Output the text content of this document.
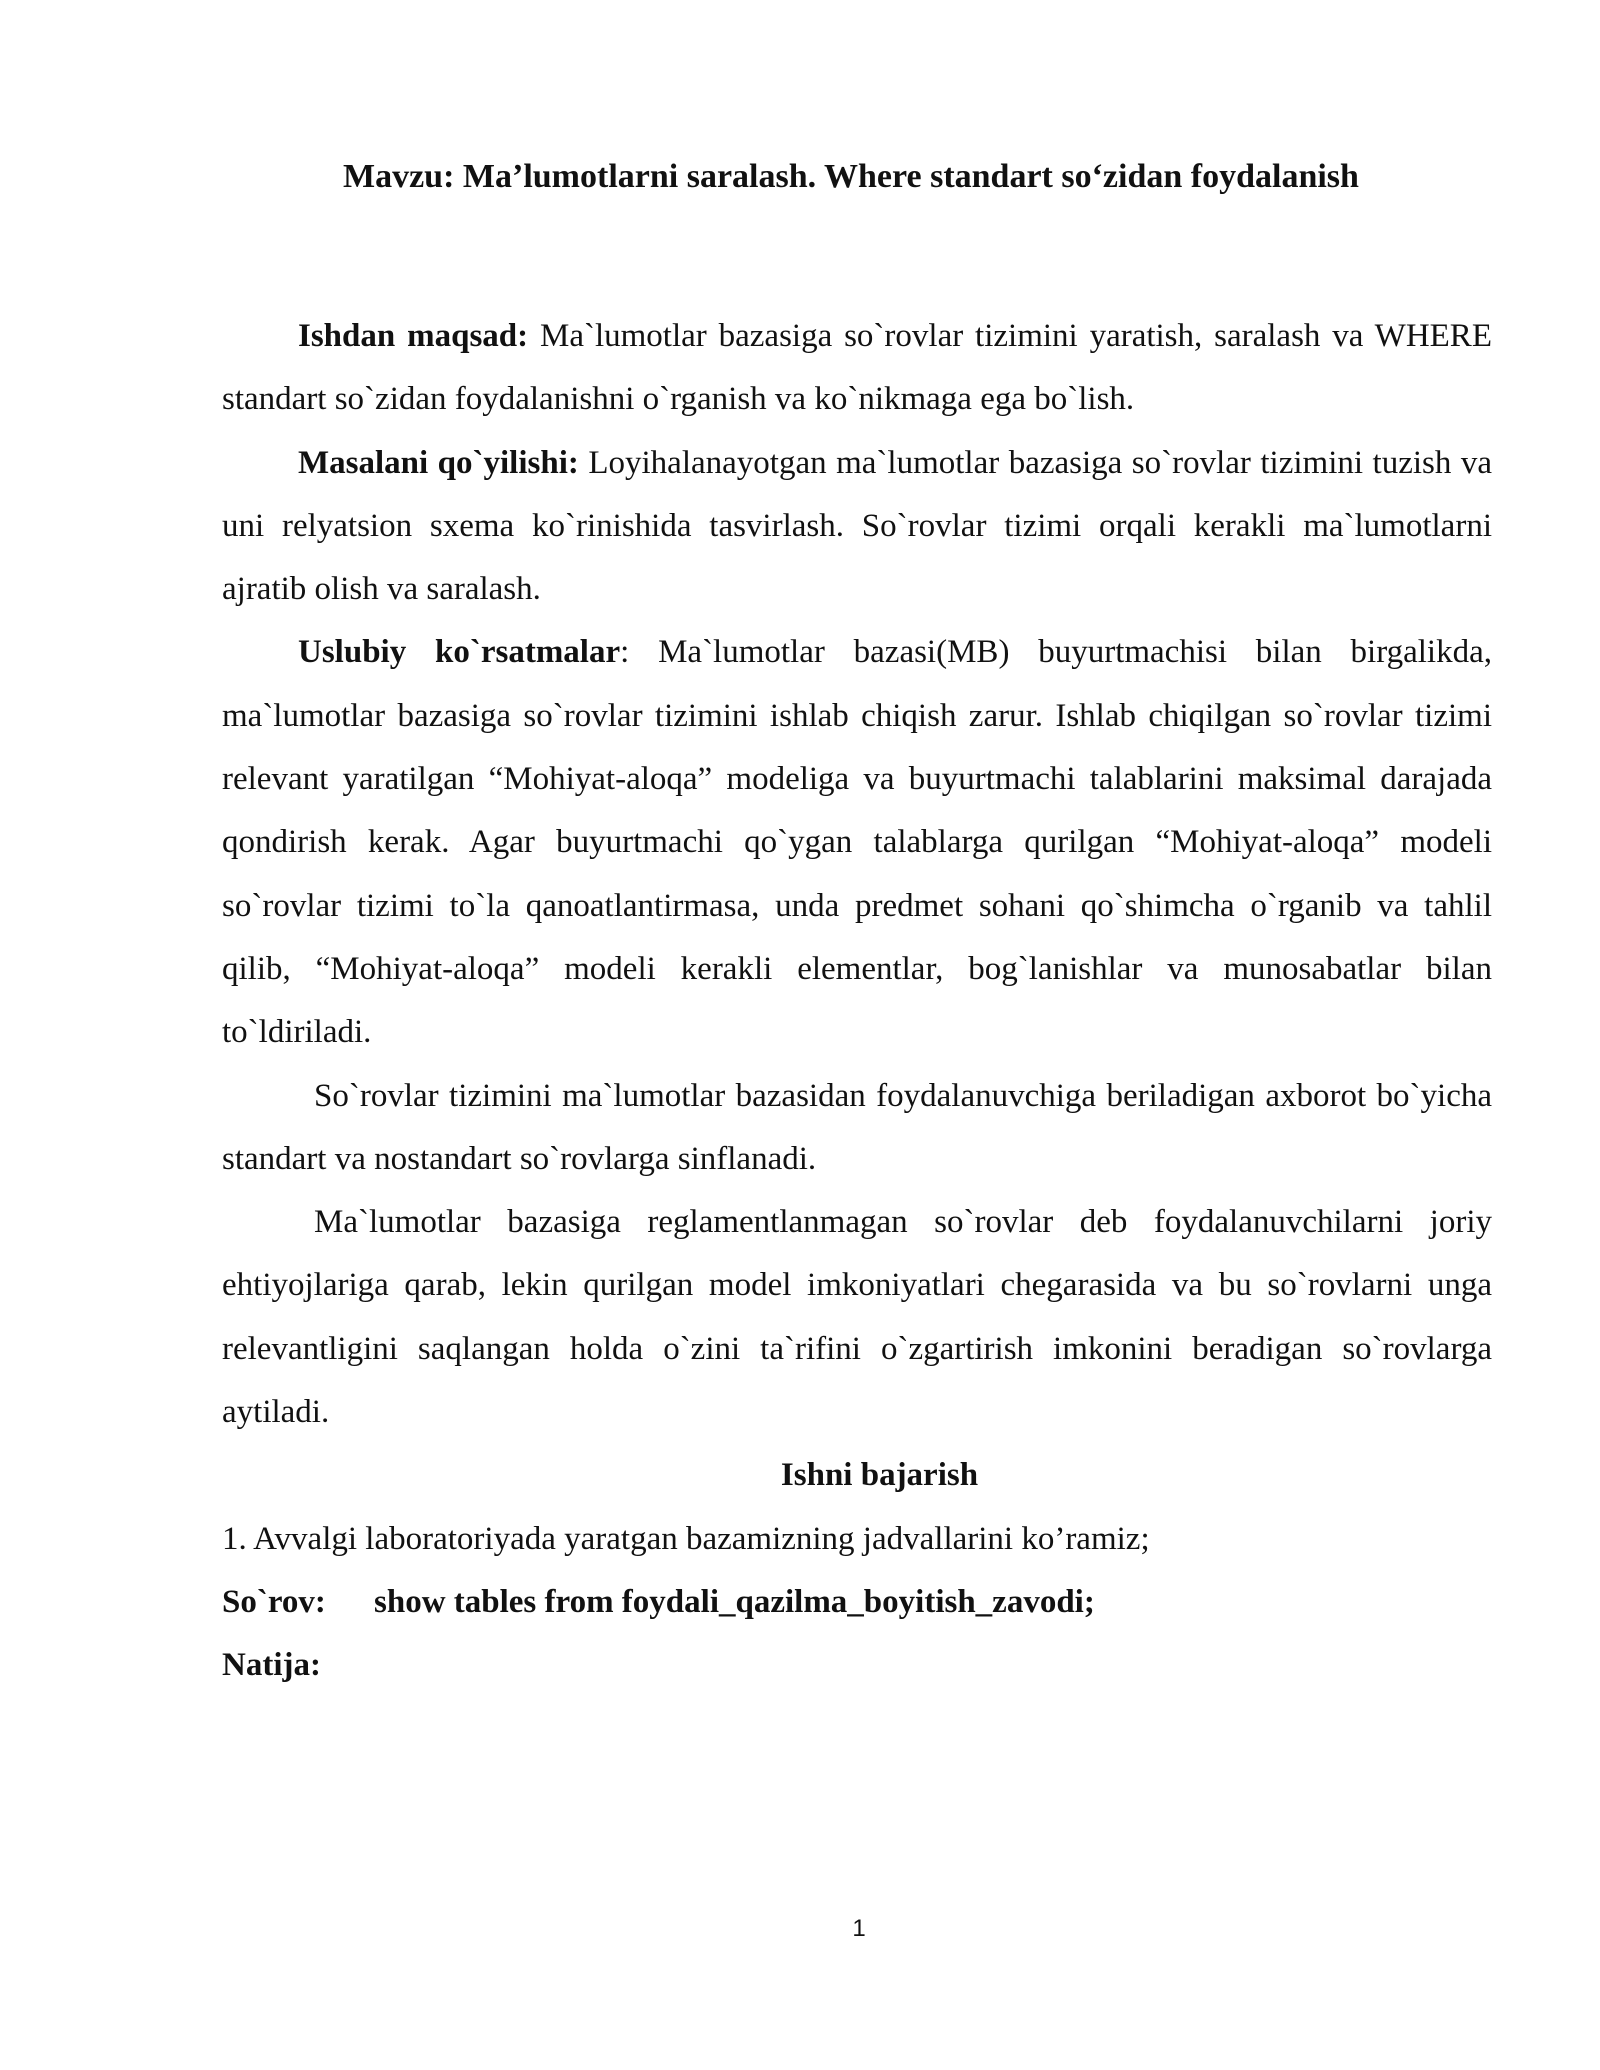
Mavzu: Ma’lumotlarni saralash. Where standart so‘zidan foydalanish

Ishdan maqsad: Ma`lumotlar bazasiga so`rovlar tizimini yaratish, saralash va WHERE standart so`zidan foydalanishni o`rganish va ko`nikmaga ega bo`lish.

Masalani qo`yilishi: Loyihalanayotgan ma`lumotlar bazasiga so`rovlar tizimini tuzish va uni relyatsion sxema ko`rinishida tasvirlash. So`rovlar tizimi orqali kerakli ma`lumotlarni ajratib olish va saralash.

Uslubiy ko`rsatmalar: Ma`lumotlar bazasi(MB) buyurtmachisi bilan birgalikda, ma`lumotlar bazasiga so`rovlar tizimini ishlab chiqish zarur. Ishlab chiqilgan so`rovlar tizimi relevant yaratilgan “Mohiyat-aloqa” modeliga va buyurtmachi talablarini maksimal darajada qondirish kerak. Agar buyurtmachi qo`ygan talablarga qurilgan “Mohiyat-aloqa” modeli so`rovlar tizimi to`la qanoatlantirmasa, unda predmet sohani qo`shimcha o`rganib va tahlil qilib, “Mohiyat-aloqa” modeli kerakli elementlar, bog`lanishlar va munosabatlar bilan to`ldiriladi.

So`rovlar tizimini ma`lumotlar bazasidan foydalanuvchiga beriladigan axborot bo`yicha standart va nostandart so`rovlarga sinflanadi.

Ma`lumotlar bazasiga reglamentlanmagan so`rovlar deb foydalanuvchilarni joriy ehtiyojlariga qarab, lekin qurilgan model imkoniyatlari chegarasida va bu so`rovlarni unga relevantligini saqlangan holda o`zini ta`rifini o`zgartirish imkonini beradigan so`rovlarga aytiladi.

Ishni bajarish

1. Avvalgi laboratoriyada yaratgan bazamizning jadvallarini ko’ramiz;

So`rov: show tables from foydali_qazilma_boyitish_zavodi;

Natija:

1
